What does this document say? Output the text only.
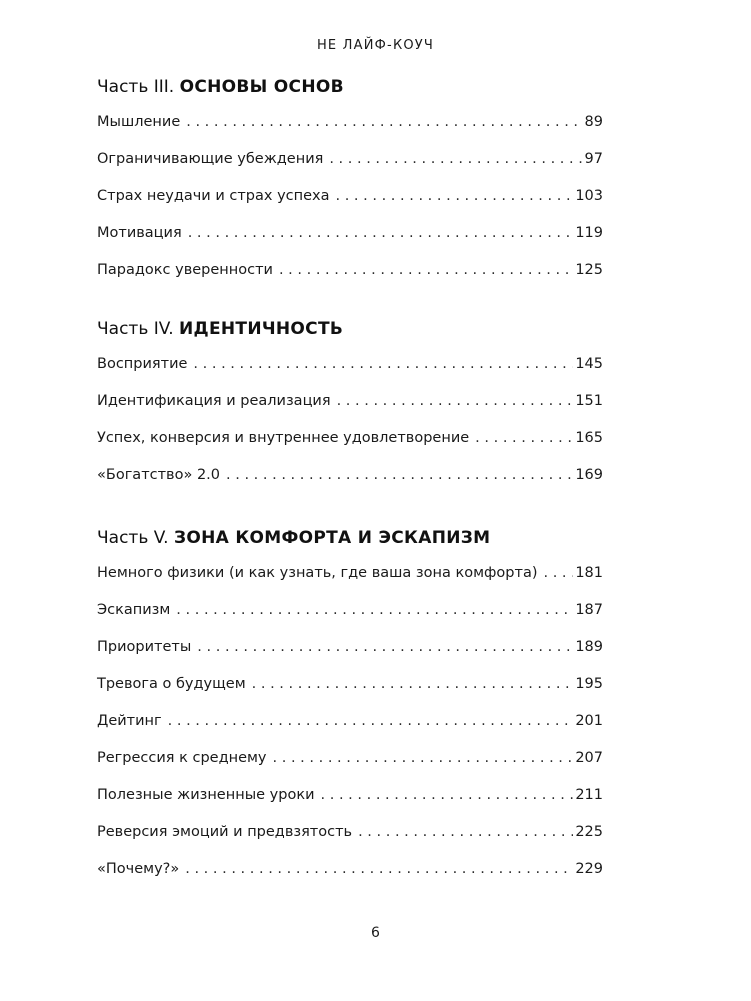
НЕ ЛАЙФ-КОУЧ
Часть III. ОСНОВЫ ОСНОВ
Мышление . . .	89
Ограничивающие убеждения . . .	97
Страх неудачи и страх успеха . . .	103
Мотивация . . .	119
Парадокс уверенности . . .	125
Часть IV. ИДЕНТИЧНОСТЬ
Восприятие . . .	145
Идентификация и реализация . . .	151
Успех, конверсия и внутреннее удовлетворение . . .	165
«Богатство» 2.0 . . .	169
Часть V. ЗОНА КОМФОРТА И ЭСКАПИЗМ
Немного физики (и как узнать, где ваша зона комфорта) . . .	181
Эскапизм . . .	187
Приоритеты . . .	189
Тревога о будущем . . .	195
Дейтинг . . .	201
Регрессия к среднему . . .	207
Полезные жизненные уроки . . .	211
Реверсия эмоций и предвзятость . . .	225
«Почему?» . . .	229
6
